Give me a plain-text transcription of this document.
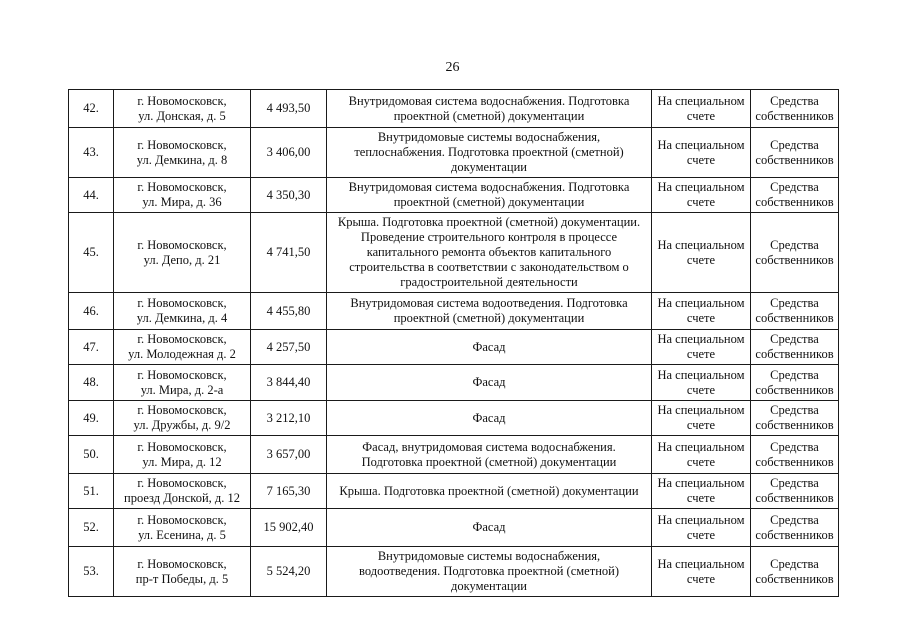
26
42.	г. Новомосковск,
ул. Донская, д. 5	4 493,50	Внутридомовая система водоснабжения. Подготовка
проектной (сметной) документации	На специальном
счете	Средства
собственников

43.	г. Новомосковск,
ул. Демкина, д. 8	3 406,00	Внутридомовые системы водоснабжения,
теплоснабжения. Подготовка проектной (сметной)
документации	На специальном
счете	Средства
собственников

44.	г. Новомосковск,
ул. Мира, д. 36	4 350,30	Внутридомовая система водоснабжения. Подготовка
проектной (сметной) документации	На специальном
счете	Средства
собственников

45.	г. Новомосковск,
ул. Депо, д. 21	4 741,50	Крыша. Подготовка проектной (сметной) документации.
Проведение строительного контроля в процессе
капитального ремонта объектов капитального
строительства в соответствии с законодательством о
градостроительной деятельности	На специальном
счете	Средства
собственников

46.	г. Новомосковск,
ул. Демкина, д. 4	4 455,80	Внутридомовая система водоотведения. Подготовка
проектной (сметной) документации	На специальном
счете	Средства
собственников

47.	г. Новомосковск,
ул. Молодежная д. 2	4 257,50	Фасад	На специальном
счете	Средства
собственников

48.	г. Новомосковск,
ул. Мира, д. 2-а	3 844,40	Фасад	На специальном
счете	Средства
собственников

49.	г. Новомосковск,
ул. Дружбы, д. 9/2	3 212,10	Фасад	На специальном
счете	Средства
собственников

50.	г. Новомосковск,
ул. Мира, д. 12	3 657,00	Фасад, внутридомовая система водоснабжения.
Подготовка проектной (сметной) документации	На специальном
счете	Средства
собственников

51.	г. Новомосковск,
проезд Донской, д. 12	7 165,30	Крыша. Подготовка проектной (сметной) документации	На специальном
счете	Средства
собственников

52.	г. Новомосковск,
ул. Есенина, д. 5	15 902,40	Фасад	На специальном
счете	Средства
собственников

53.	г. Новомосковск,
пр-т Победы, д. 5	5 524,20	Внутридомовые системы водоснабжения,
водоотведения. Подготовка проектной (сметной)
документации	На специальном
счете	Средства
собственников
